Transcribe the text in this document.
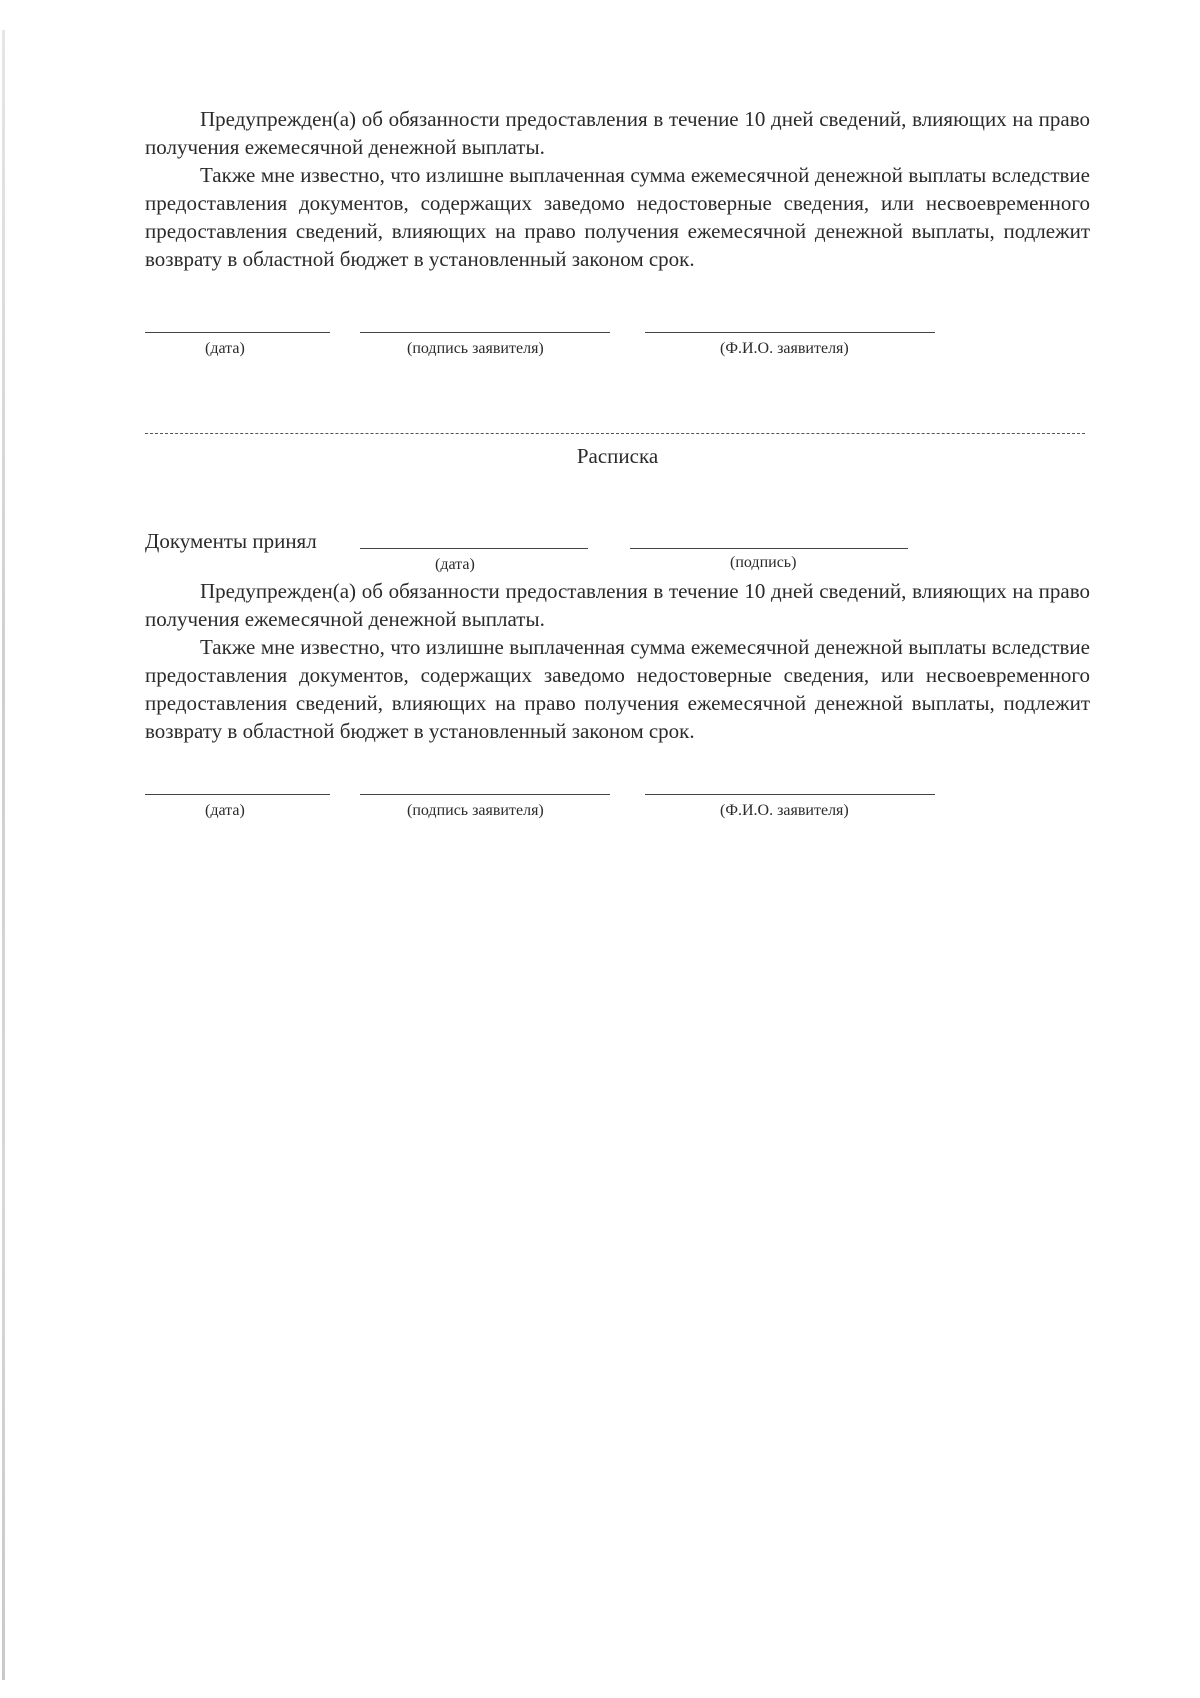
Предупрежден(а) об обязанности предоставления в течение 10 дней сведений, влияющих на право получения ежемесячной денежной выплаты.

Также мне известно, что излишне выплаченная сумма ежемесячной денежной выплаты вследствие предоставления документов, содержащих заведомо недостоверные сведения, или несвоевременного предоставления сведений, влияющих на право получения ежемесячной денежной выплаты, подлежит возврату в областной бюджет в установленный законом срок.

(дата)	(подпись заявителя)	(Ф.И.О. заявителя)
Расписка
Документы принял
(дата)	(подпись)

Предупрежден(а) об обязанности предоставления в течение 10 дней сведений, влияющих на право получения ежемесячной денежной выплаты.

Также мне известно, что излишне выплаченная сумма ежемесячной денежной выплаты вследствие предоставления документов, содержащих заведомо недостоверные сведения, или несвоевременного предоставления сведений, влияющих на право получения ежемесячной денежной выплаты, подлежит возврату в областной бюджет в установленный законом срок.

(дата)	(подпись заявителя)	(Ф.И.О. заявителя)
